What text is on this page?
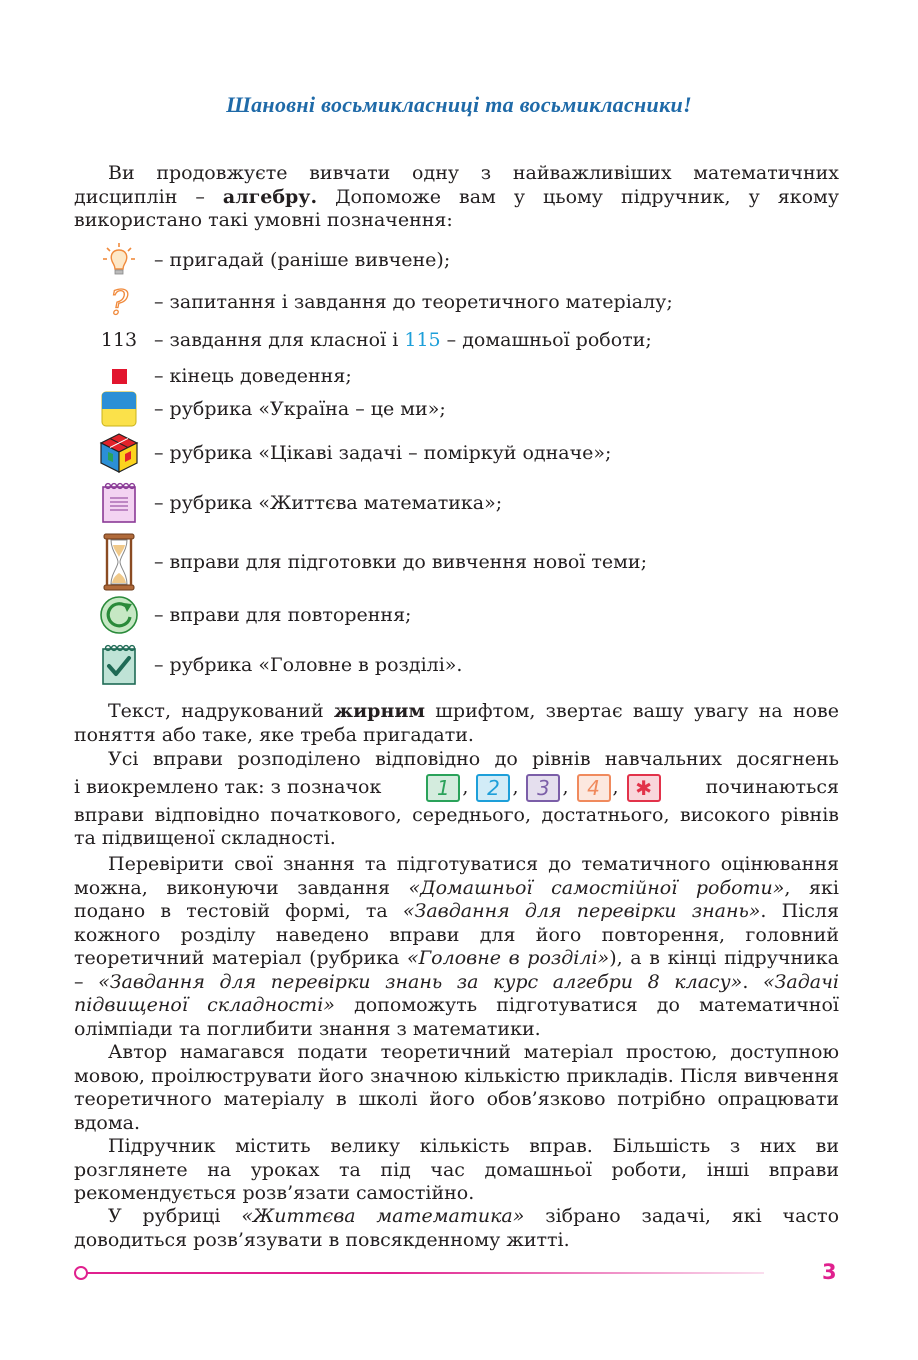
Шановні восьмикласниці та восьмикласники!

Ви продовжуєте вивчати одну з найважливіших математичних дисциплін – алгебру. Допоможе вам у цьому підручник, у якому використано такі умовні позначення:

– пригадай (раніше вивчене);
? – запитання і завдання до теоретичного матеріалу;
113 – завдання для класної і 115 – домашньої роботи;
– кінець доведення;
– рубрика «Україна – це ми»;
– рубрика «Цікаві задачі – поміркуй одначе»;
– рубрика «Життєва математика»;
– вправи для підготовки до вивчення нової теми;
– вправи для повторення;
– рубрика «Головне в розділі».

Текст, надрукований жирним шрифтом, звертає вашу увагу на нове поняття або таке, яке треба пригадати.

Усі вправи розподілено відповідно до рівнів навчальних досягнень
і виокремлено так: з позначок	1 , 2 , 3 , 4 , ✱	починаються
вправи відповідно початкового, середнього, достатнього, високого рівнів та підвищеної складності.

Перевірити свої знання та підготуватися до тематичного оцінювання можна, виконуючи завдання «Домашньої самостійної роботи», які подано в тестовій формі, та «Завдання для перевірки знань». Після кожного розділу наведено вправи для його повторення, головний теоретичний матеріал (рубрика «Головне в розділі»), а в кінці підручника – «Завдання для перевірки знань за курс алгебри 8 класу». «Задачі підвищеної складності» допоможуть підготуватися до математичної олімпіади та поглибити знання з математики.

Автор намагався подати теоретичний матеріал простою, доступною мовою, проілюструвати його значною кількістю прикладів. Після вивчення теоретичного матеріалу в школі його обов’язково потрібно опрацювати вдома.

Підручник містить велику кількість вправ. Більшість з них ви розглянете на уроках та під час домашньої роботи, інші вправи рекомендується розв’язати самостійно.

У рубриці «Життєва математика» зібрано задачі, які часто доводиться розв’язувати в повсякденному житті.

3
